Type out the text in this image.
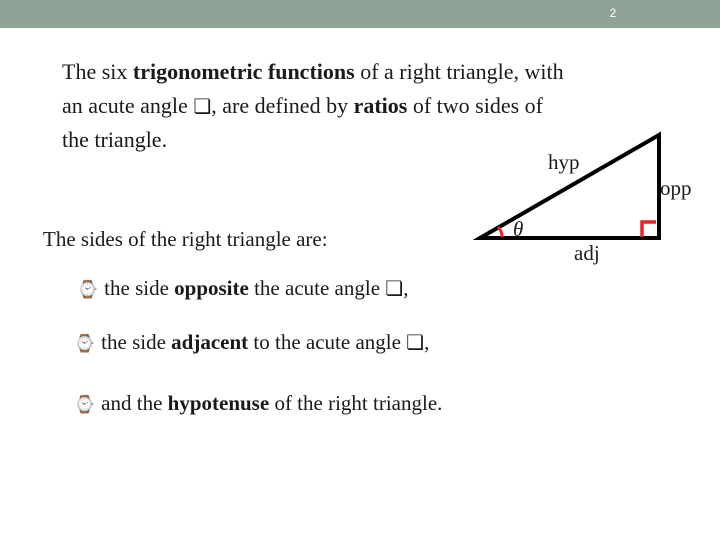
2
The six trigonometric functions of a right triangle, with
an acute angle ❏, are defined by ratios of two sides of
the triangle.
The sides of the right triangle are:
⌚ the side opposite the acute angle ❏,
⌚ the side adjacent to the acute angle ❏,
⌚ and the hypotenuse of the right triangle.
hyp
opp
adj
θ
